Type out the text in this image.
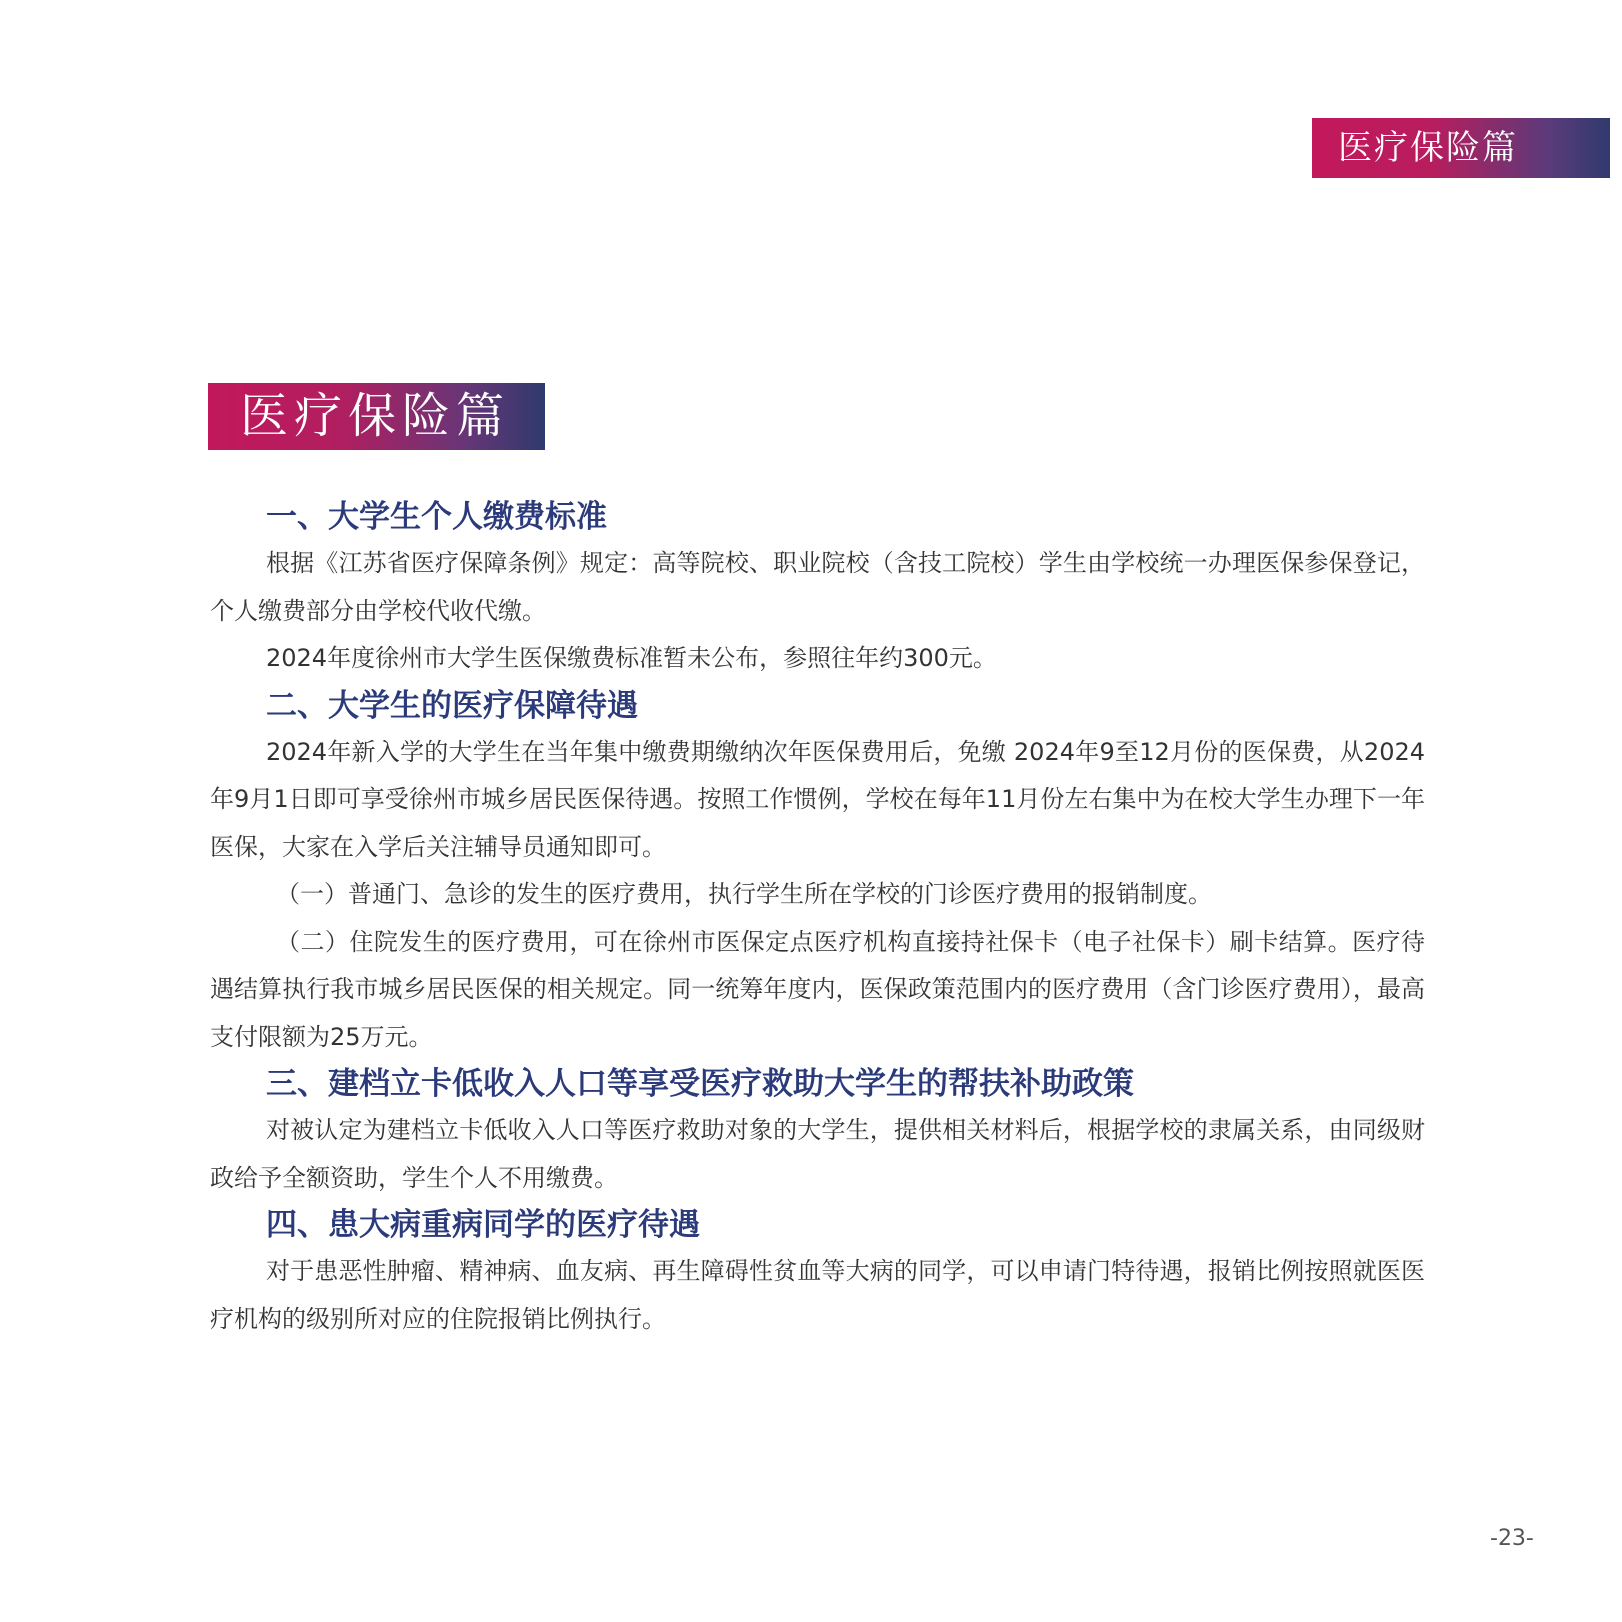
医疗保险篇
医疗保险篇
一、大学生个人缴费标准

根据《江苏省医疗保障条例》规定：高等院校、职业院校（含技工院校）学生由学校统一办理医保参保登记，个人缴费部分由学校代收代缴。

2024年度徐州市大学生医保缴费标准暂未公布，参照往年约300元。

二、大学生的医疗保障待遇

2024年新入学的大学生在当年集中缴费期缴纳次年医保费用后，免缴 2024年9至12月份的医保费，从2024年9月1日即可享受徐州市城乡居民医保待遇。按照工作惯例，学校在每年11月份左右集中为在校大学生办理下一年医保，大家在入学后关注辅导员通知即可。

（一）普通门、急诊的发生的医疗费用，执行学生所在学校的门诊医疗费用的报销制度。

（二）住院发生的医疗费用，可在徐州市医保定点医疗机构直接持社保卡（电子社保卡）刷卡结算。医疗待遇结算执行我市城乡居民医保的相关规定。同一统筹年度内，医保政策范围内的医疗费用（含门诊医疗费用），最高支付限额为25万元。

三、建档立卡低收入人口等享受医疗救助大学生的帮扶补助政策

对被认定为建档立卡低收入人口等医疗救助对象的大学生，提供相关材料后，根据学校的隶属关系，由同级财政给予全额资助，学生个人不用缴费。

四、患大病重病同学的医疗待遇

对于患恶性肿瘤、精神病、血友病、再生障碍性贫血等大病的同学，可以申请门特待遇，报销比例按照就医医疗机构的级别所对应的住院报销比例执行。

-23-
